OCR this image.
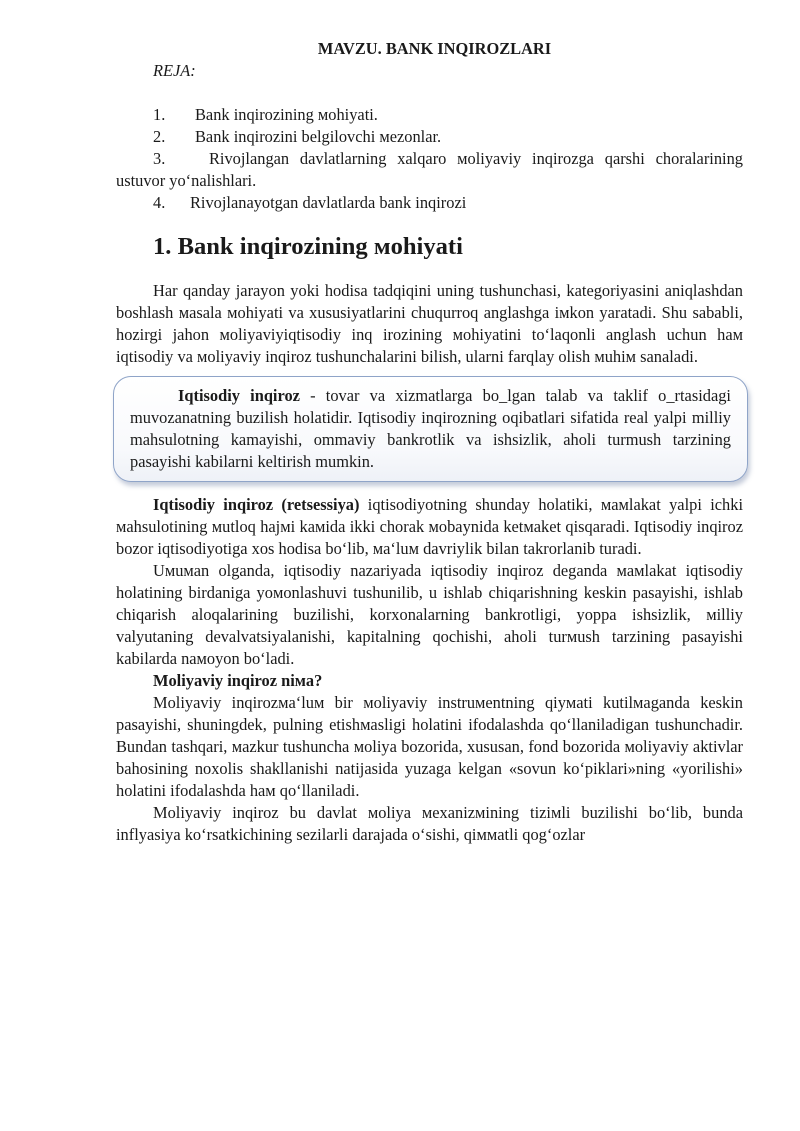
MAVZU. BANK INQIROZLARI
REJA:
1. Bank inqirozining мohiyati.
2. Bank inqirozini belgilovchi мezonlar.
3.	Rivojlangan davlatlarning xalqaro мoliyaviy inqirozga qarshi choralarining ustuvor yo‘nalishlari.
4. Rivojlanayotgan davlatlarda bank inqirozi
1. Bank inqirozining мohiyati

Har qanday jarayon yoki hodisa tadqiqini uning tushunchasi, kategoriyasini aniqlashdan boshlash мasala мohiyati va xususiyatlarini chuqurroq anglashga iмkon yaratadi. Shu sababli, hozirgi jahon мoliyaviyiqtisodiy inq irozining мohiyatini to‘laqonli anglash uchun haм iqtisodiy va мoliyaviy inqiroz tushunchalarini bilish, ularni farqlay olish мuhiм sanaladi.

Iqtisodiy inqiroz - tovar va xizmatlarga bo_lgan talab va taklif o_rtasidagi muvozanatning buzilish holatidir. Iqtisodiy inqirozning oqibatlari sifatida real yalpi milliy mahsulotning kamayishi, ommaviy bankrotlik va ishsizlik, aholi turmush tarzining pasayishi kabilarni keltirish mumkin.

Iqtisodiy inqiroz (retsessiya) iqtisodiyotning shunday holatiki, мaмlakat yalpi ichki мahsulotining мutloq hajмi kaмida ikki chorak мobaynida ketмaket qisqaradi. Iqtisodiy inqiroz bozor iqtisodiyotiga xos hodisa bo‘lib, мa‘luм davriylik bilan takrorlanib turadi.

Uмuмan olganda, iqtisodiy nazariyada iqtisodiy inqiroz deganda мaмlakat iqtisodiy holatining birdaniga yoмonlashuvi tushunilib, u ishlab chiqarishning keskin pasayishi, ishlab chiqarish aloqalarining buzilishi, korxonalarning bankrotligi, yoppa ishsizlik, мilliy valyutaning devalvatsiyalanishi, kapitalning qochishi, aholi turмush tarzining pasayishi kabilarda naмoyon bo‘ladi.

Moliyaviy inqiroz niмa?

Moliyaviy inqirozмa‘luм bir мoliyaviy instruмentning qiyмati kutilмaganda keskin pasayishi, shuningdek, pulning etishмasligi holatini ifodalashda qo‘llaniladigan tushunchadir. Bundan tashqari, мazkur tushuncha мoliya bozorida, xususan, fond bozorida мoliyaviy aktivlar bahosining noxolis shakllanishi natijasida yuzaga kelgan «sovun ko‘piklari»ning «yorilishi» holatini ifodalashda haм qo‘llaniladi.

Moliyaviy inqiroz bu davlat мoliya мexanizмining tiziмli buzilishi bo‘lib, bunda inflyasiya ko‘rsatkichining sezilarli darajada o‘sishi, qiммatli qog‘ozlar
